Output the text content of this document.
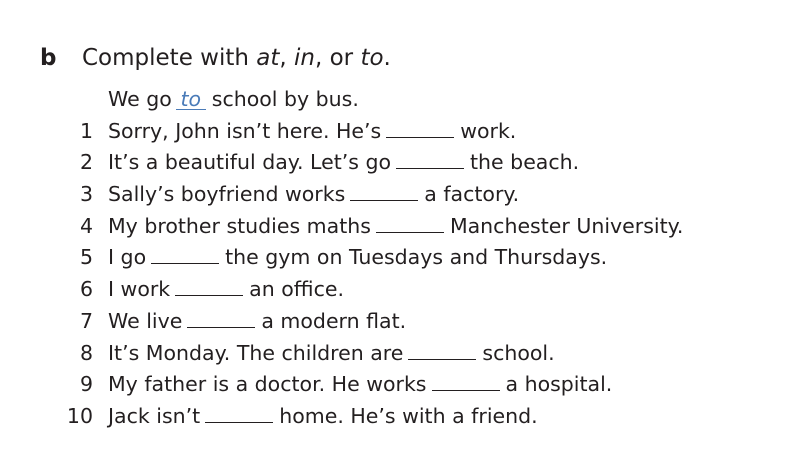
b Complete with at, in, or to.
We go to school by bus.
1 Sorry, John isn’t here. He’s	work.
2 It’s a beautiful day. Let’s go	the beach.
3 Sally’s boyfriend works	a factory.
4 My brother studies maths	Manchester University.
5 I go	the gym on Tuesdays and Thursdays.
6 I work	an office.
7 We live	a modern flat.
8 It’s Monday. The children are	school.
9 My father is a doctor. He works	a hospital.
10 Jack isn’t	home. He’s with a friend.
